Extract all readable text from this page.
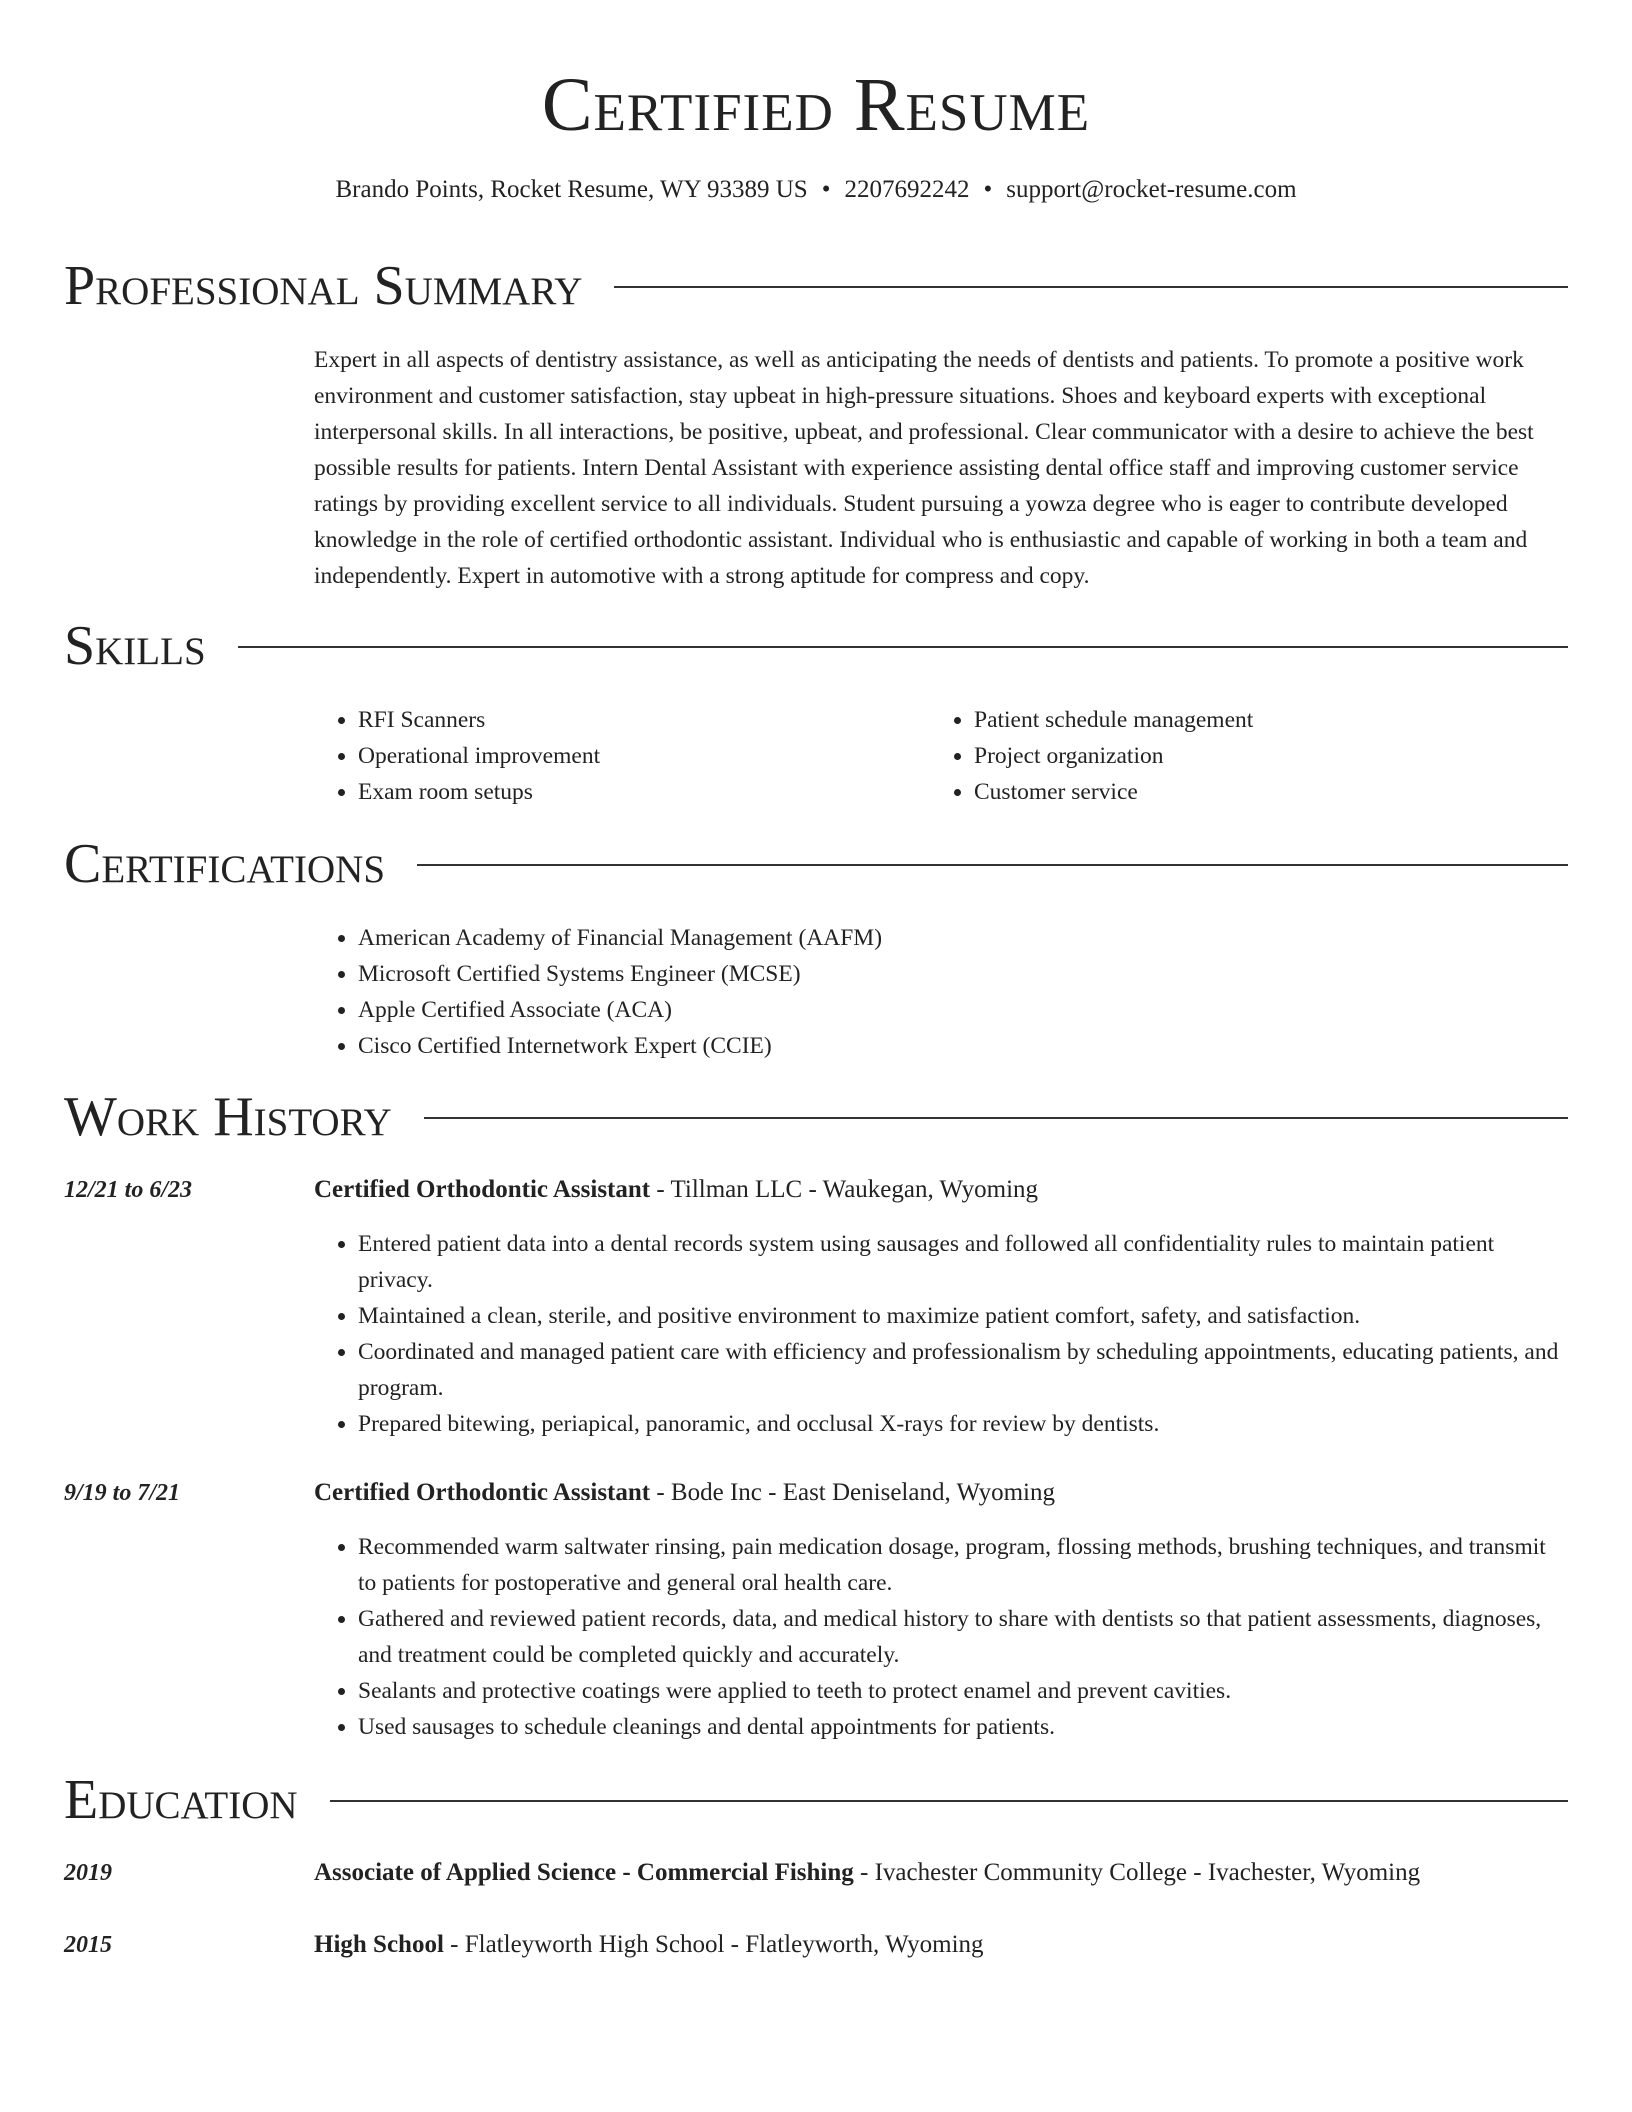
Certified Resume

Brando Points, Rocket Resume, WY 93389 US • 2207692242 • support@rocket-resume.com

Professional Summary

Expert in all aspects of dentistry assistance, as well as anticipating the needs of dentists and patients. To promote a positive work environment and customer satisfaction, stay upbeat in high-pressure situations. Shoes and keyboard experts with exceptional interpersonal skills. In all interactions, be positive, upbeat, and professional. Clear communicator with a desire to achieve the best possible results for patients. Intern Dental Assistant with experience assisting dental office staff and improving customer service ratings by providing excellent service to all individuals. Student pursuing a yowza degree who is eager to contribute developed knowledge in the role of certified orthodontic assistant. Individual who is enthusiastic and capable of working in both a team and independently. Expert in automotive with a strong aptitude for compress and copy.

Skills
• RFI Scanners
• Operational improvement
• Exam room setups
• Patient schedule management
• Project organization
• Customer service
Certifications
• American Academy of Financial Management (AAFM)
• Microsoft Certified Systems Engineer (MCSE)
• Apple Certified Associate (ACA)
• Cisco Certified Internetwork Expert (CCIE)
Work History
12/21 to 6/23	Certified Orthodontic Assistant - Tillman LLC - Waukegan, Wyoming
• Entered patient data into a dental records system using sausages and followed all confidentiality rules to maintain patient privacy.
• Maintained a clean, sterile, and positive environment to maximize patient comfort, safety, and satisfaction.
• Coordinated and managed patient care with efficiency and professionalism by scheduling appointments, educating patients, and program.
• Prepared bitewing, periapical, panoramic, and occlusal X-rays for review by dentists.
9/19 to 7/21	Certified Orthodontic Assistant - Bode Inc - East Deniseland, Wyoming
• Recommended warm saltwater rinsing, pain medication dosage, program, flossing methods, brushing techniques, and transmit to patients for postoperative and general oral health care.
• Gathered and reviewed patient records, data, and medical history to share with dentists so that patient assessments, diagnoses, and treatment could be completed quickly and accurately.
• Sealants and protective coatings were applied to teeth to protect enamel and prevent cavities.
• Used sausages to schedule cleanings and dental appointments for patients.
Education
2019	Associate of Applied Science - Commercial Fishing - Ivachester Community College - Ivachester, Wyoming
2015	High School - Flatleyworth High School - Flatleyworth, Wyoming
